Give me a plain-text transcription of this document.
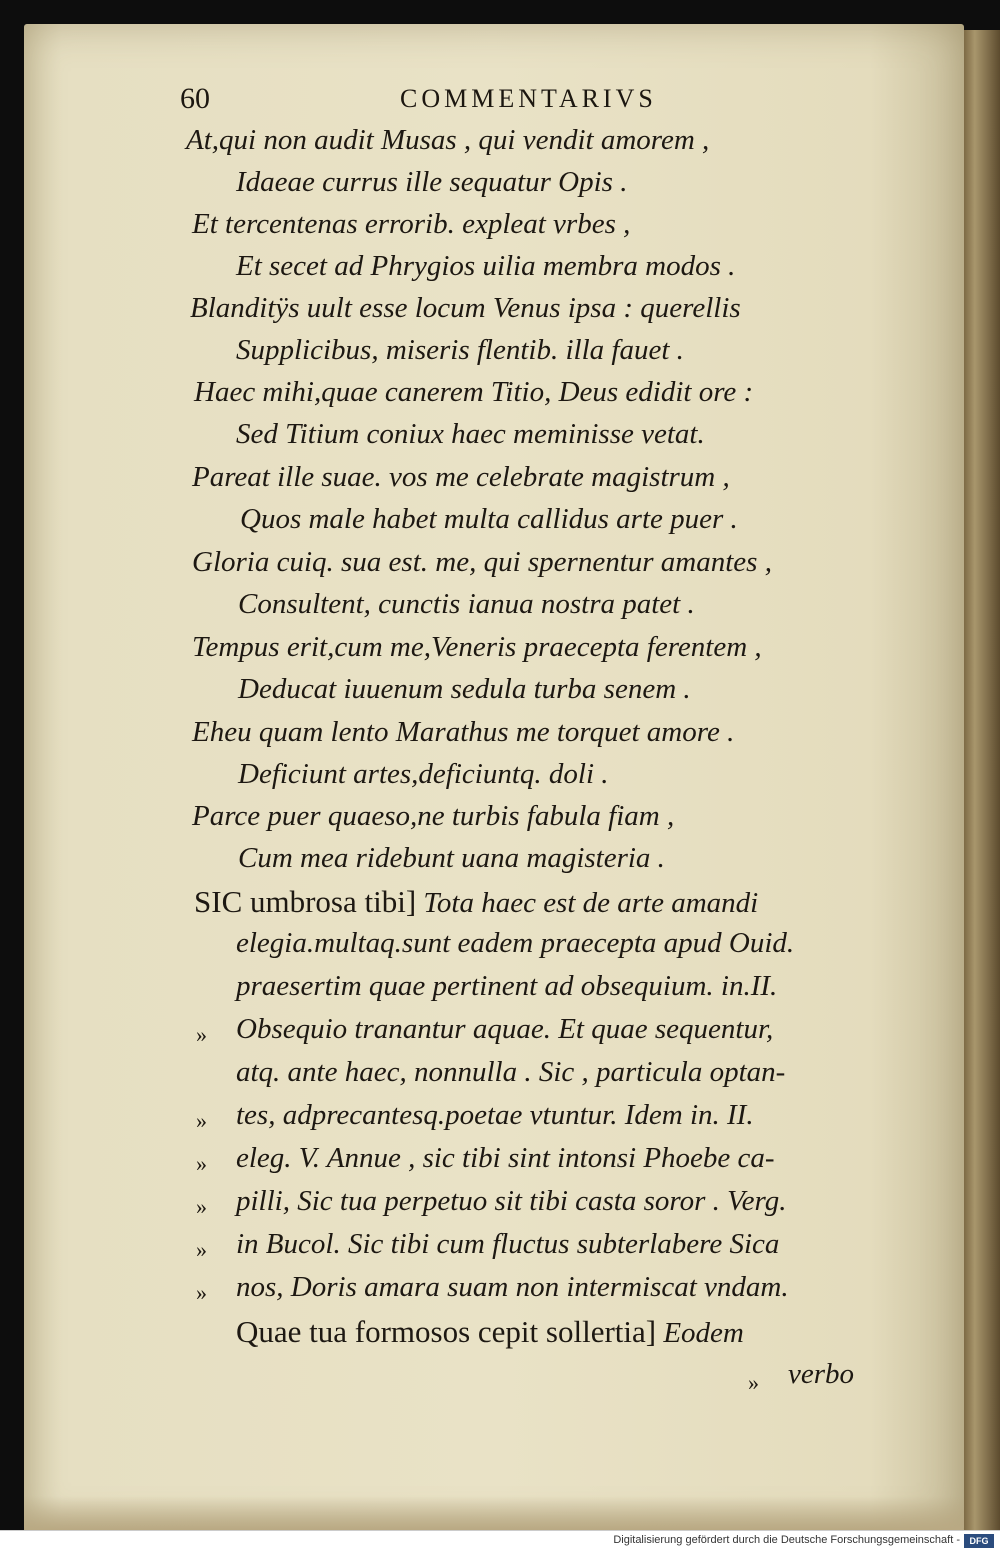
60	COMMENTARIVS
At,qui non audit Musas , qui vendit amorem ,
Idaeae currus ille sequatur Opis .
Et tercentenas errorib. expleat vrbes ,
Et secet ad Phrygios uilia membra modos .
Blanditÿs uult esse locum Venus ipsa : querellis
Supplicibus, miseris flentib. illa fauet .
Haec mihi,quae canerem Titio, Deus edidit ore :
Sed Titium coniux haec meminisse vetat.
Pareat ille suae. vos me celebrate magistrum ,
Quos male habet multa callidus arte puer .
Gloria cuiq. sua est. me, qui spernentur amantes ,
Consultent, cunctis ianua nostra patet .
Tempus erit,cum me,Veneris praecepta ferentem ,
Deducat iuuenum sedula turba senem .
Eheu quam lento Marathus me torquet amore .
Deficiunt artes,deficiuntq. doli .
Parce puer quaeso,ne turbis fabula fiam ,
Cum mea ridebunt uana magisteria .
SIC umbrosa tibi] Tota haec est de arte amandi
elegia.multaq.sunt eadem praecepta apud Ouid.
praesertim quae pertinent ad obsequium. in.II.
» Obsequio tranantur aquae. Et quae sequentur,
atq. ante haec, nonnulla . Sic , particula optan-
» tes, adprecantesq.poetae vtuntur. Idem in. II.
» eleg. V. Annue , sic tibi sint intonsi Phoebe ca-
» pilli, Sic tua perpetuo sit tibi casta soror . Verg.
» in Bucol. Sic tibi cum fluctus subterlabere Sica
» nos, Doris amara suam non intermiscat vndam.
Quae tua formosos cepit sollertia] Eodem
» verbo
Digitalisierung gefördert durch die Deutsche Forschungsgemeinschaft -	DFG
